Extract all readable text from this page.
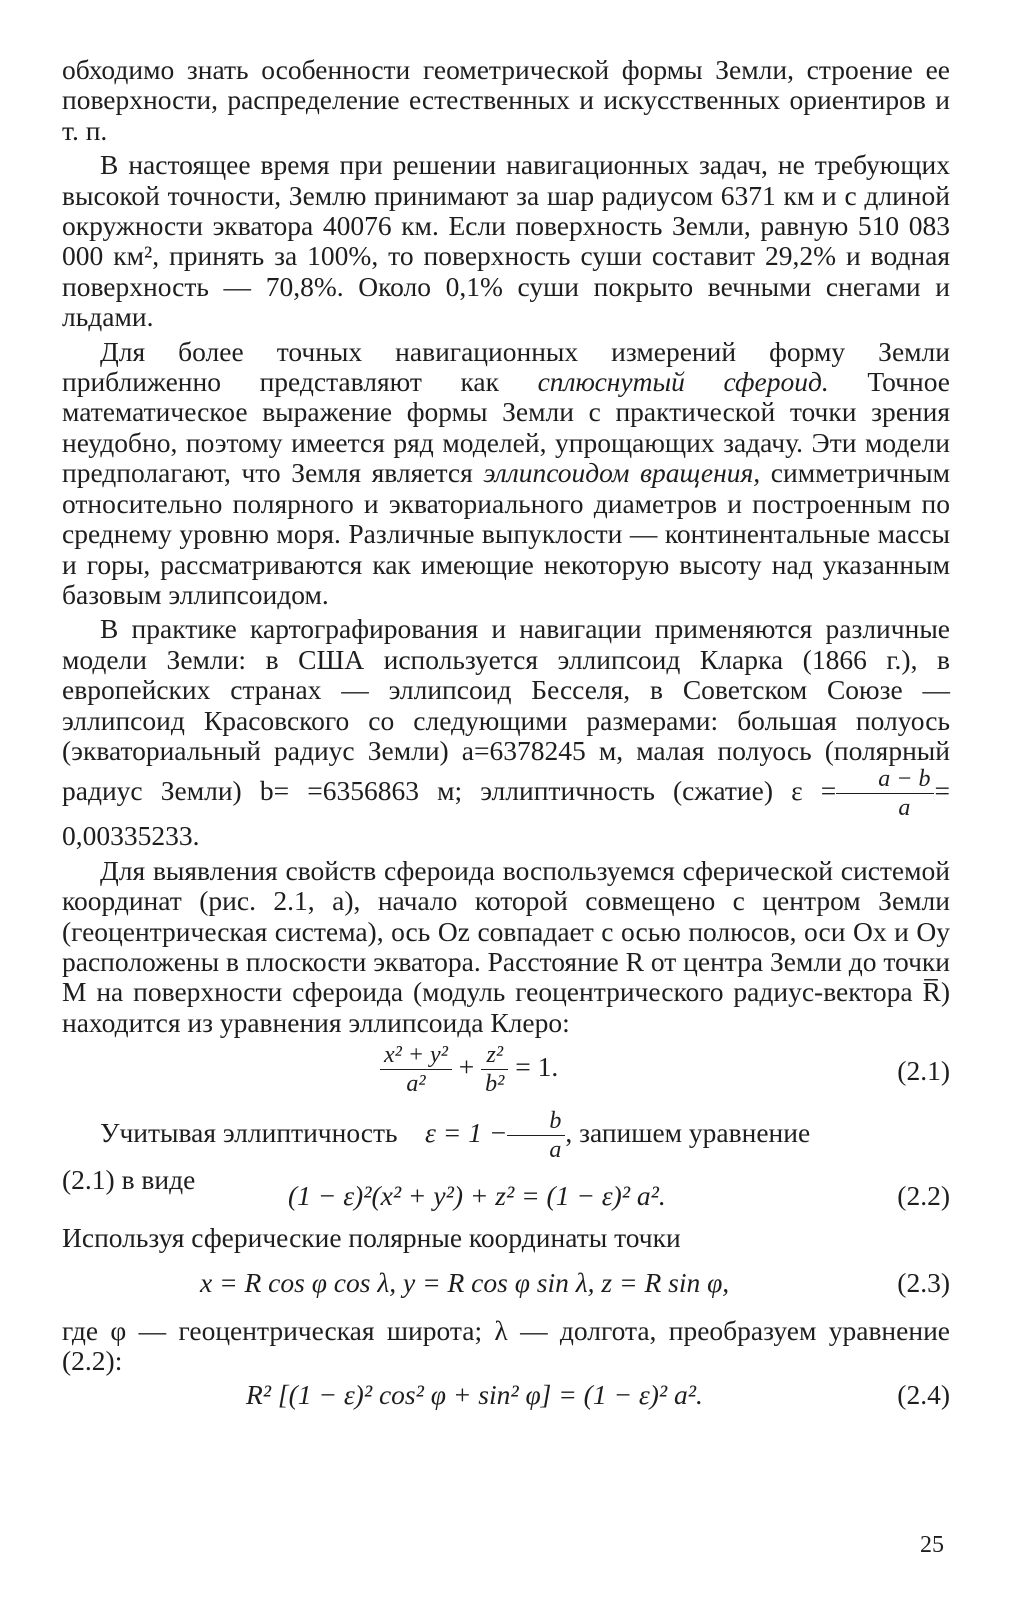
обходимо знать особенности геометрической формы Земли, строение ее поверхности, распределение естественных и искусственных ориентиров и т. п.

В настоящее время при решении навигационных задач, не требующих высокой точности, Землю принимают за шар радиусом 6371 км и с длиной окружности экватора 40076 км. Если поверхность Земли, равную 510 083 000 км², принять за 100%, то поверхность суши составит 29,2% и водная поверхность — 70,8%. Около 0,1% суши покрыто вечными снегами и льдами.

Для более точных навигационных измерений форму Земли приближенно представляют как сплюснутый сфероид. Точное математическое выражение формы Земли с практической точки зрения неудобно, поэтому имеется ряд моделей, упрощающих задачу. Эти модели предполагают, что Земля является эллипсоидом вращения, симметричным относительно полярного и экваториального диаметров и построенным по среднему уровню моря. Различные выпуклости — континентальные массы и горы, рассматриваются как имеющие некоторую высоту над указанным базовым эллипсоидом.

В практике картографирования и навигации применяются различные модели Земли: в США используется эллипсоид Кларка (1866 г.), в европейских странах — эллипсоид Бесселя, в Советском Союзе — эллипсоид Красовского со следующими размерами: большая полуось (экваториальный радиус Земли) a=6378245 м, малая полуось (полярный радиус Земли) b= =6356863 м; эллиптичность (сжатие) $\varepsilon = \frac{a - b}{a} = 0,00335233$.

Для выявления свойств сфероида воспользуемся сферической системой координат (рис. 2.1, a), начало которой совмещено с центром Земли (геоцентрическая система), ось Oz совпадает с осью полюсов, оси Ox и Oy расположены в плоскости экватора. Расстояние R от центра Земли до точки M на поверхности сфероида (модуль геоцентрического радиус-вектора R̅) находится из уравнения эллипсоида Клеро:

$\frac{\text{x² + y²}}{\text{a²}} + \frac{\text{z²}}{\text{b²}} = 1$.	(2.1)

Учитывая эллиптичность $\varepsilon = 1 - \frac{b}{a}$ , запишем уравнение

(2.1) в виде
(1 − ε)²(x² + y²) + z² = (1 − ε)² a².	(2.2)

Используя сферические полярные координаты точки

x = R cos φ cos λ, y = R cos φ sin λ, z = R sin φ,	(2.3)

где φ — геоцентрическая широта; λ — долгота, преобразуем уравнение (2.2):

R² [(1 − ε)² cos² φ + sin² φ] = (1 − ε)² a².	(2.4)
25
